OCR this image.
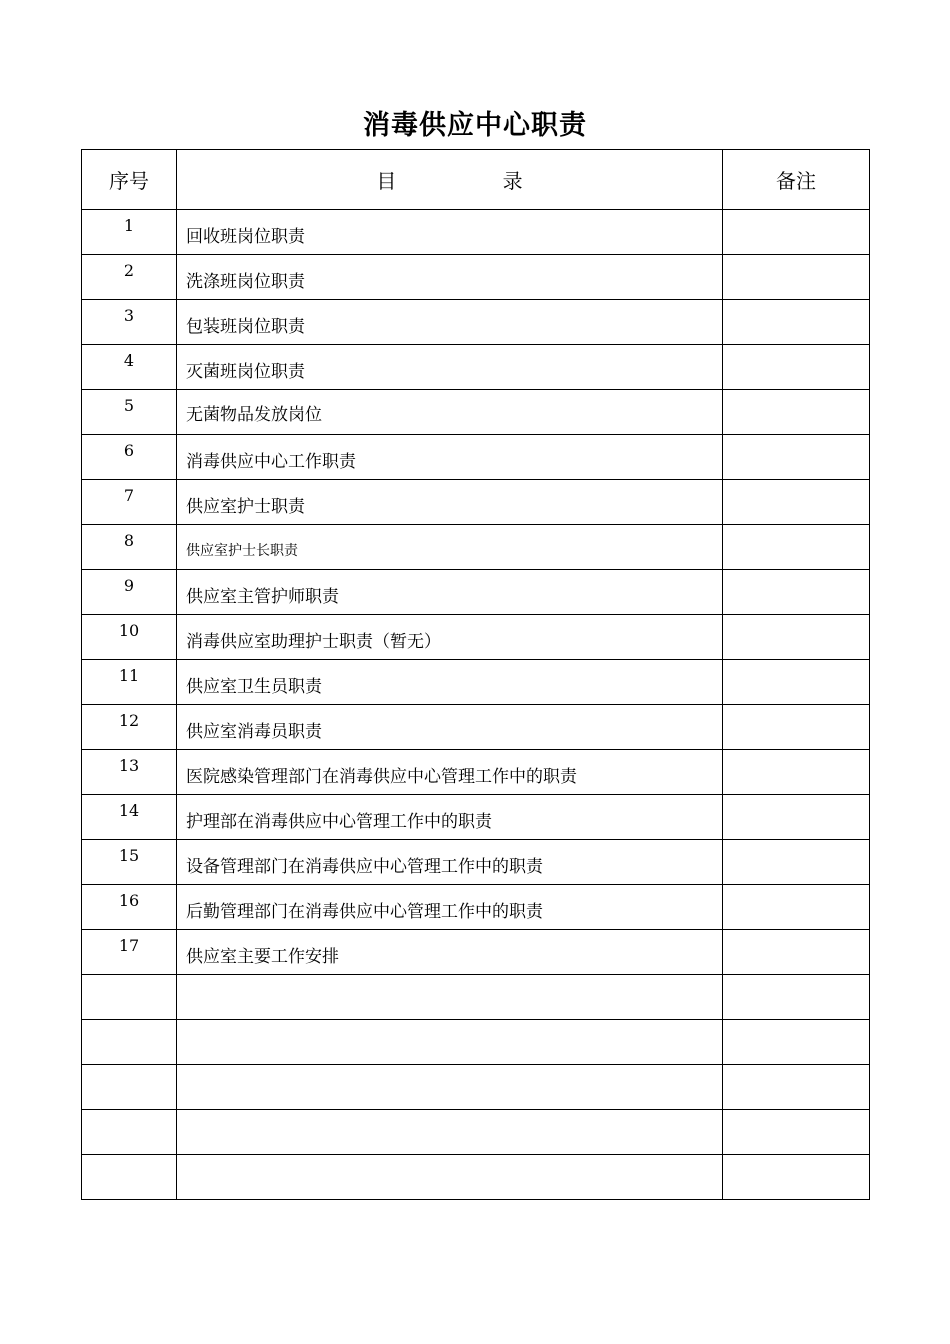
消毒供应中心职责
序号	目 录	备注
1	回收班岗位职责	
2	洗涤班岗位职责	
3	包装班岗位职责	
4	灭菌班岗位职责	
5	无菌物品发放岗位	
6	消毒供应中心工作职责	
7	供应室护士职责	
8	供应室护士长职责	
9	供应室主管护师职责	
10	消毒供应室助理护士职责（暂无）	
11	供应室卫生员职责	
12	供应室消毒员职责	
13	医院感染管理部门在消毒供应中心管理工作中的职责	
14	护理部在消毒供应中心管理工作中的职责	
15	设备管理部门在消毒供应中心管理工作中的职责	
16	后勤管理部门在消毒供应中心管理工作中的职责	
17	供应室主要工作安排	
